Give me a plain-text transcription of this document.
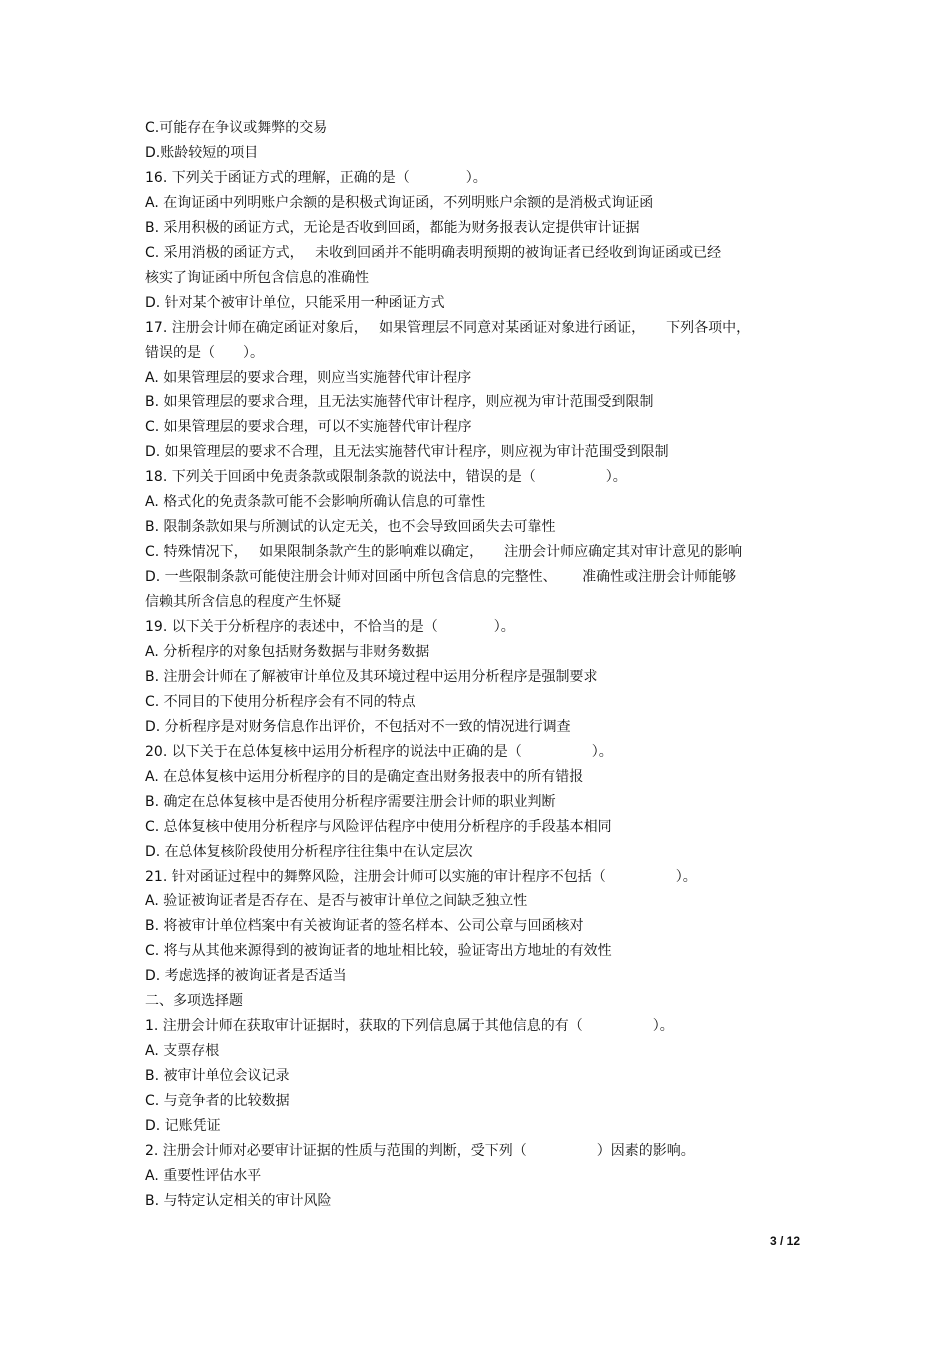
C.可能存在争议或舞弊的交易
D.账龄较短的项目
16. 下列关于函证方式的理解，正确的是（　　　　）。
A. 在询证函中列明账户余额的是积极式询证函，不列明账户余额的是消极式询证函
B. 采用积极的函证方式，无论是否收到回函，都能为财务报表认定提供审计证据
C. 采用消极的函证方式，　 未收到回函并不能明确表明预期的被询证者已经收到询证函或已经
核实了询证函中所包含信息的准确性
D. 针对某个被审计单位，只能采用一种函证方式
17. 注册会计师在确定函证对象后，　 如果管理层不同意对某函证对象进行函证，　　下列各项中，
错误的是（　　）。
A. 如果管理层的要求合理，则应当实施替代审计程序
B. 如果管理层的要求合理，且无法实施替代审计程序，则应视为审计范围受到限制
C. 如果管理层的要求合理，可以不实施替代审计程序
D. 如果管理层的要求不合理，且无法实施替代审计程序，则应视为审计范围受到限制
18. 下列关于回函中免责条款或限制条款的说法中，错误的是（　　　　　）。
A. 格式化的免责条款可能不会影响所确认信息的可靠性
B. 限制条款如果与所测试的认定无关，也不会导致回函失去可靠性
C. 特殊情况下，　 如果限制条款产生的影响难以确定，　　注册会计师应确定其对审计意见的影响
D. 一些限制条款可能使注册会计师对回函中所包含信息的完整性、　　 准确性或注册会计师能够
信赖其所含信息的程度产生怀疑
19. 以下关于分析程序的表述中，不恰当的是（　　　　）。
A. 分析程序的对象包括财务数据与非财务数据
B. 注册会计师在了解被审计单位及其环境过程中运用分析程序是强制要求
C. 不同目的下使用分析程序会有不同的特点
D. 分析程序是对财务信息作出评价，不包括对不一致的情况进行调查
20. 以下关于在总体复核中运用分析程序的说法中正确的是（　　　　　）。
A. 在总体复核中运用分析程序的目的是确定查出财务报表中的所有错报
B. 确定在总体复核中是否使用分析程序需要注册会计师的职业判断
C. 总体复核中使用分析程序与风险评估程序中使用分析程序的手段基本相同
D. 在总体复核阶段使用分析程序往往集中在认定层次
21. 针对函证过程中的舞弊风险，注册会计师可以实施的审计程序不包括（　　　　　）。
A. 验证被询证者是否存在、是否与被审计单位之间缺乏独立性
B. 将被审计单位档案中有关被询证者的签名样本、公司公章与回函核对
C. 将与从其他来源得到的被询证者的地址相比较，验证寄出方地址的有效性
D. 考虑选择的被询证者是否适当
二、多项选择题
1. 注册会计师在获取审计证据时，获取的下列信息属于其他信息的有（　　　　　）。
A. 支票存根
B. 被审计单位会议记录
C. 与竞争者的比较数据
D. 记账凭证
2. 注册会计师对必要审计证据的性质与范围的判断，受下列（　　　　　）因素的影响。
A. 重要性评估水平
B. 与特定认定相关的审计风险
3 / 12
